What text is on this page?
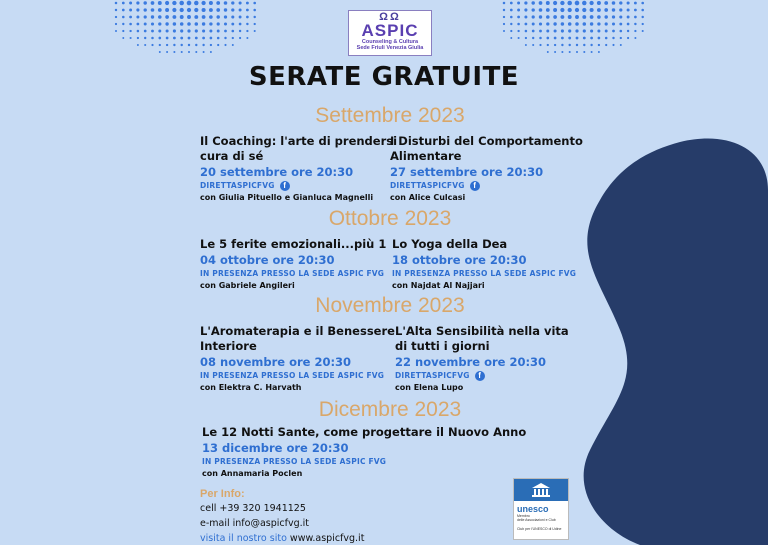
ΩΩ
ASPIC
Counseling & Cultura
Sede Friuli Venezia Giulia
SERATE GRATUITE
Settembre 2023
Il Coaching: l'arte di prendersi
cura di sé
20 settembre ore 20:30
DIRETTASPICFVG f
con Giulia Pituello e Gianluca Magnelli
I Disturbi del Comportamento
Alimentare
27 settembre ore 20:30
DIRETTASPICFVG f
con Alice Culcasi
Ottobre 2023
Le 5 ferite emozionali...più 1
04 ottobre ore 20:30
IN PRESENZA PRESSO LA SEDE ASPIC FVG
con Gabriele Angileri
Lo Yoga della Dea
18 ottobre ore 20:30
IN PRESENZA PRESSO LA SEDE ASPIC FVG
con Najdat Al Najjari
Novembre 2023
L'Aromaterapia e il Benessere
Interiore
08 novembre ore 20:30
IN PRESENZA PRESSO LA SEDE ASPIC FVG
con Elektra C. Harvath
L'Alta Sensibilità nella vita
di tutti i giorni
22 novembre ore 20:30
DIRETTASPICFVG f
con Elena Lupo
Dicembre 2023
Le 12 Notti Sante, come progettare il Nuovo Anno
13 dicembre ore 20:30
IN PRESENZA PRESSO LA SEDE ASPIC FVG
con Annamaria Poclen
Per Info:
cell +39 320 1941125
e-mail info@aspicfvg.it
visita il nostro sito www.aspicfvg.it
unesco
Membro
delle Associazioni e Club
Club per l'UNESCO di Udine
